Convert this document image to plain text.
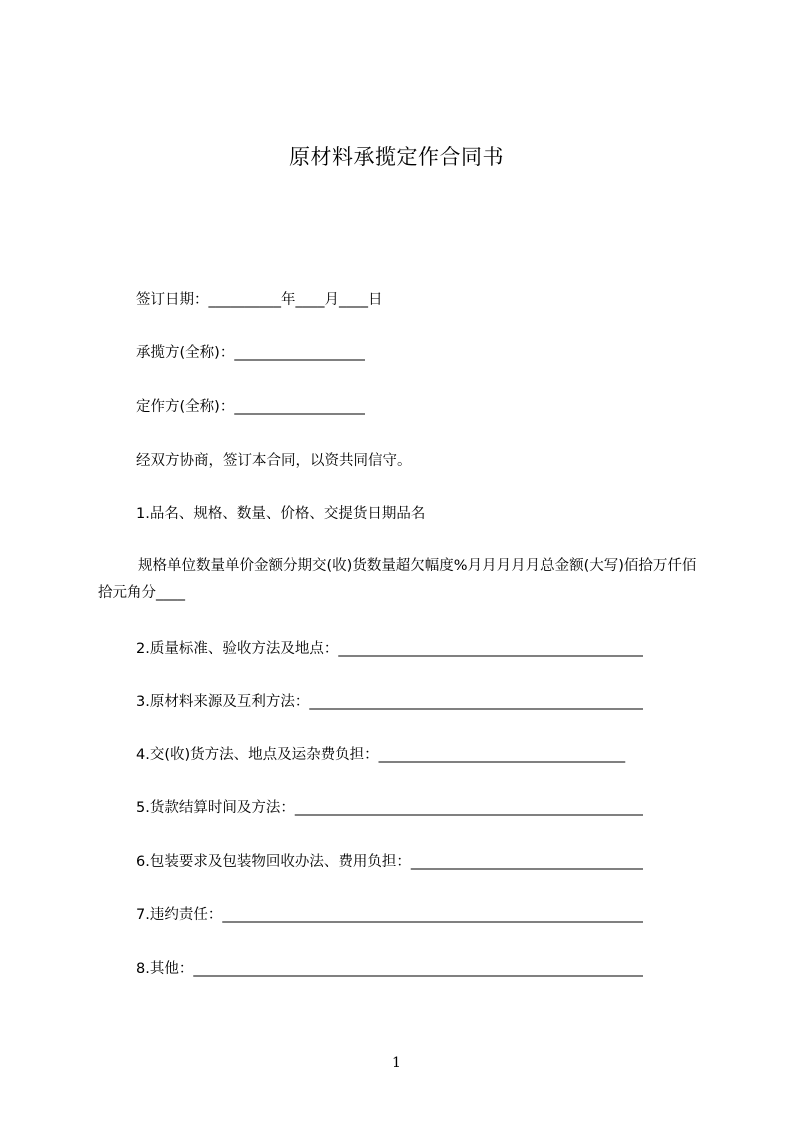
原材料承揽定作合同书
签订日期：__________年____月____日
承揽方(全称)：__________________
定作方(全称)：__________________
经双方协商，签订本合同，以资共同信守。
1.品名、规格、数量、价格、交提货日期品名
规格单位数量单价金额分期交(收)货数量超欠幅度%月月月月月总金额(大写)佰拾万仟佰拾元角分____
2.质量标准、验收方法及地点：__________________________________________
3.原材料来源及互利方法：______________________________________________
4.交(收)货方法、地点及运杂费负担：__________________________________
5.货款结算时间及方法：________________________________________________
6.包装要求及包装物回收办法、费用负担：________________________________
7.违约责任：__________________________________________________________
8.其他：______________________________________________________________
1
